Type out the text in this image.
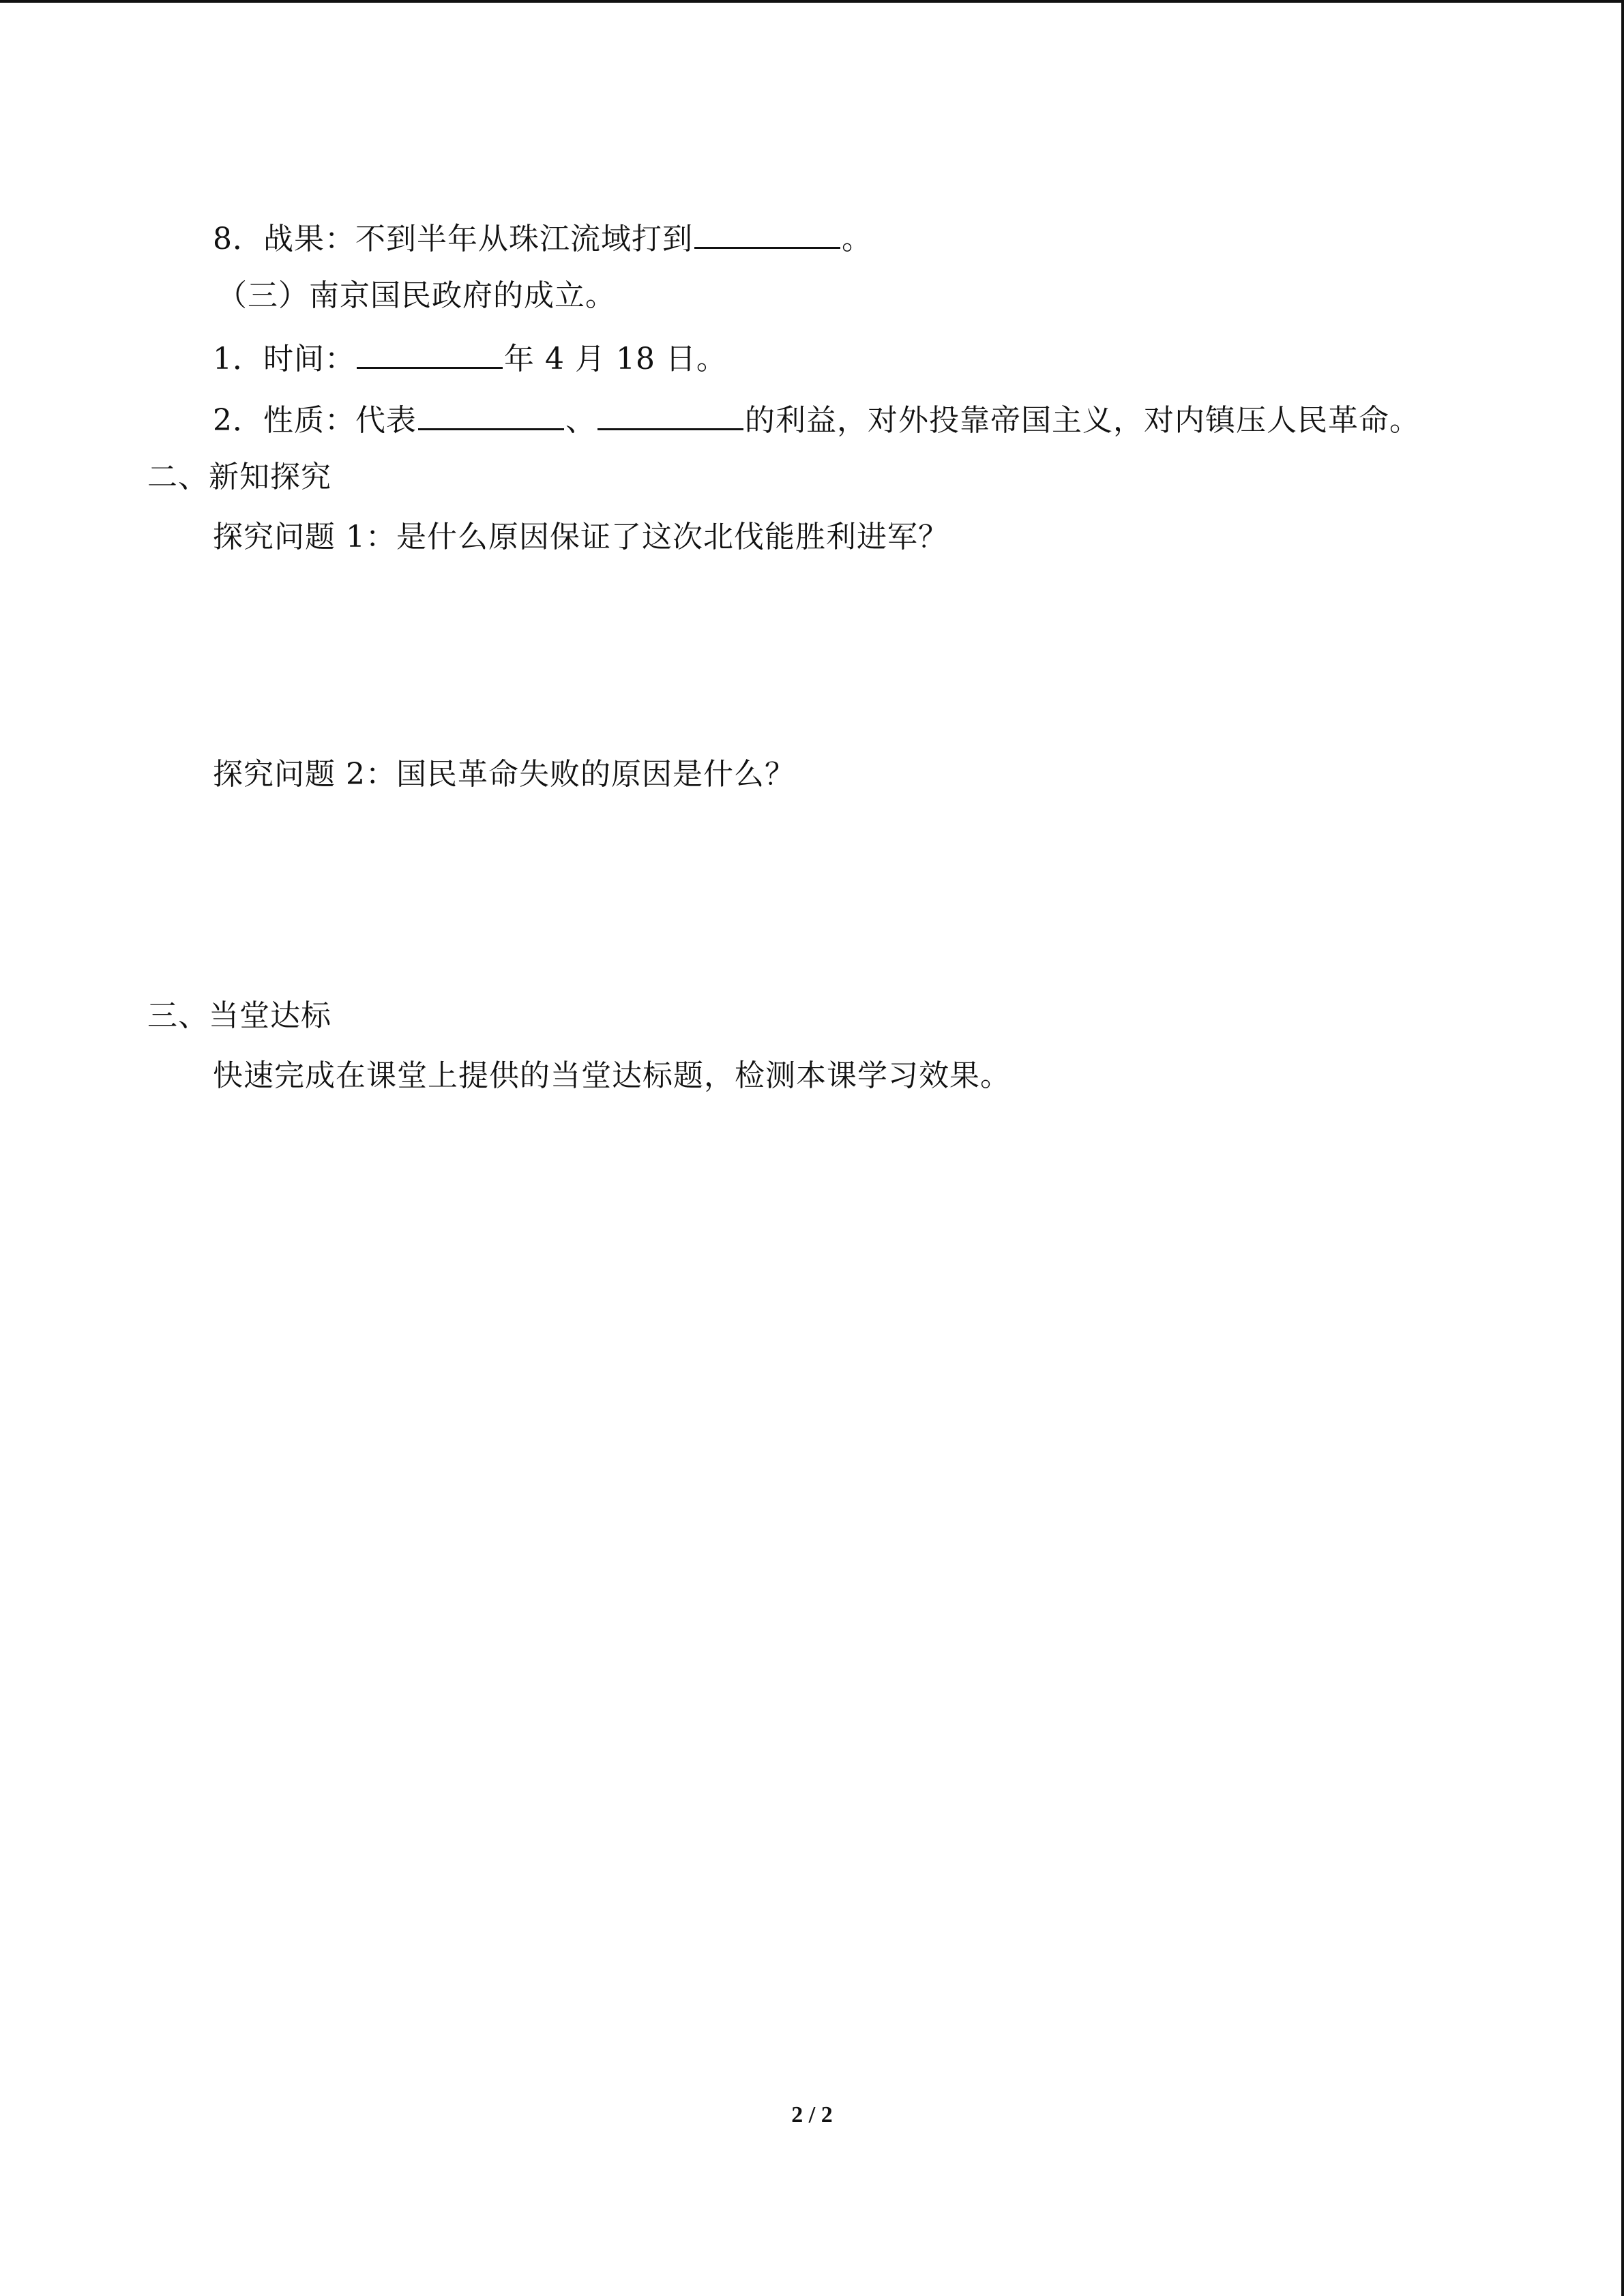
8．战果：不到半年从珠江流域打到	。
（三）南京国民政府的成立。
1．时间：	年 4 月 18 日。
2．性质：代表	、	的利益，对外投靠帝国主义，对内镇压人民革命。
二、新知探究
探究问题 1：是什么原因保证了这次北伐能胜利进军？
探究问题 2：国民革命失败的原因是什么？
三、当堂达标
快速完成在课堂上提供的当堂达标题，检测本课学习效果。
2 / 2
